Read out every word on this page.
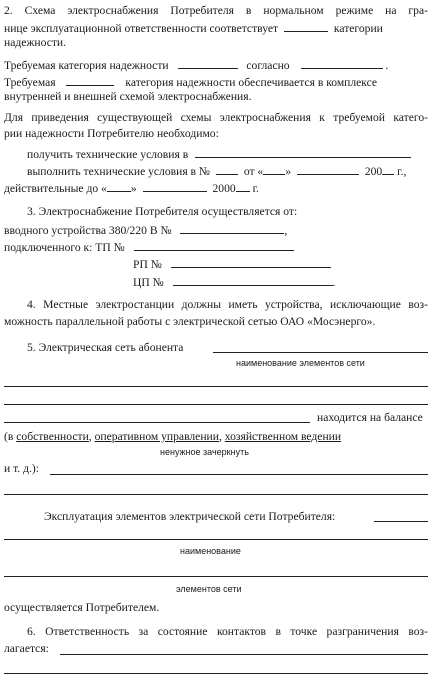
2. Схема электроснабжения Потребителя в нормальном режиме на гра-
нице эксплуатационной ответственности соответствует	категории
надежности.
Требуемая категория надежности	согласно	.
Требуемая	категория надежности обеспечивается в комплексе
внутренней и внешней схемой электроснабжения.
Для приведения существующей схемы электроснабжения к требуемой катего-
рии надежности Потребителю необходимо:
получить технические условия в
выполнить технические условия в №	от « »	200 г.,
действительные до « »	2000 г.
3. Электроснабжение Потребителя осуществляется от:
вводного устройства 380/220 В №	,
подключенного к: ТП №
РП №
ЦП №	.
4. Местные электростанции должны иметь устройства, исключающие воз-
можность параллельной работы с электрической сетью ОАО «Мосэнерго».
5. Электрическая сеть абонента
наименование элементов сети
находится на балансе
(в собственности, оперативном управлении, хозяйственном ведении
ненужное зачеркнуть
и т. д.):
Эксплуатация элементов электрической сети Потребителя:
наименование
элементов сети
осуществляется Потребителем.
6. Ответственность за состояние контактов в точке разграничения воз-
лагается:
